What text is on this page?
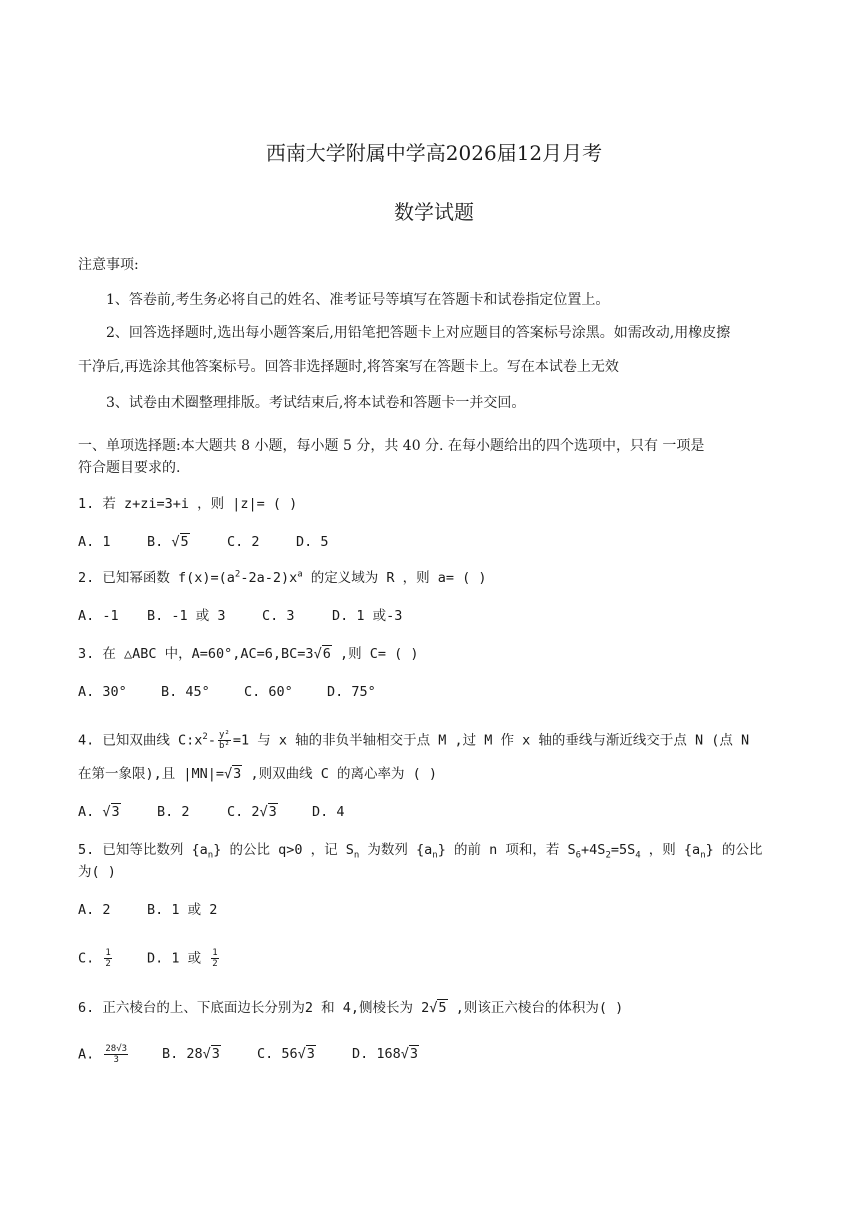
西南大学附属中学高2026届12月月考
数学试题
注意事项:
1、答卷前,考生务必将自己的姓名、准考证号等填写在答题卡和试卷指定位置上。
2、回答选择题时,选出每小题答案后,用铅笔把答题卡上对应题目的答案标号涂黑。如需改动,用橡皮擦
干净后,再选涂其他答案标号。回答非选择题时,将答案写在答题卡上。写在本试卷上无效
3、试卷由术圈整理排版。考试结束后,将本试卷和答题卡一并交回。
一、单项选择题:本大题共 8 小题，每小题 5 分，共 40 分. 在每小题给出的四个选项中，只有 一项是
符合题目要求的.
1. 若 z+zi=3+i ，则 |z|= ( )
A. 1	B. √5	C. 2	D. 5
2. 已知幂函数 $f(x)=(a^2-2a-2)x^a$ 的定义域为 R ，则 a= ( )
A. -1 B. -1 或 3	C. 3	D. 1 或-3
3. 在 △ABC 中，A=60°,AC=6,BC=3√6 ,则 C= ( )
A. 30°	B. 45°	C. 60°	D. 75°
4. 已知双曲线 $C:x^2- \frac{\text{y²}}{\text{b²}} =1$ 与 x 轴的非负半轴相交于点 M ,过 M 作 x 轴的垂线与渐近线交于点 N (点 N
在第一象限),且 |MN|=√3 ,则双曲线 C 的离心率为 ( )
A. √3	B. 2	C. 2√3	D. 4
5. 已知等比数列 $\{a_n\}$ 的公比 q>0 ，记 $S_n$ 为数列 $\{a_n\}$ 的前 n 项和，若 $S_6+4S_2=5S_4$ ，则 $\{a_n\}$ 的公比
为( )
A. 2	B. 1 或 2
C. $\frac{1}{2}$	D. 1 或 $\frac{1}{2}$
6. 正六棱台的上、下底面边长分别为2 和 4,侧棱长为 2√5 ,则该正六棱台的体积为( )
A. $\frac{28√3}{3}$	B. 28√3	C. 56√3	D. 168√3
